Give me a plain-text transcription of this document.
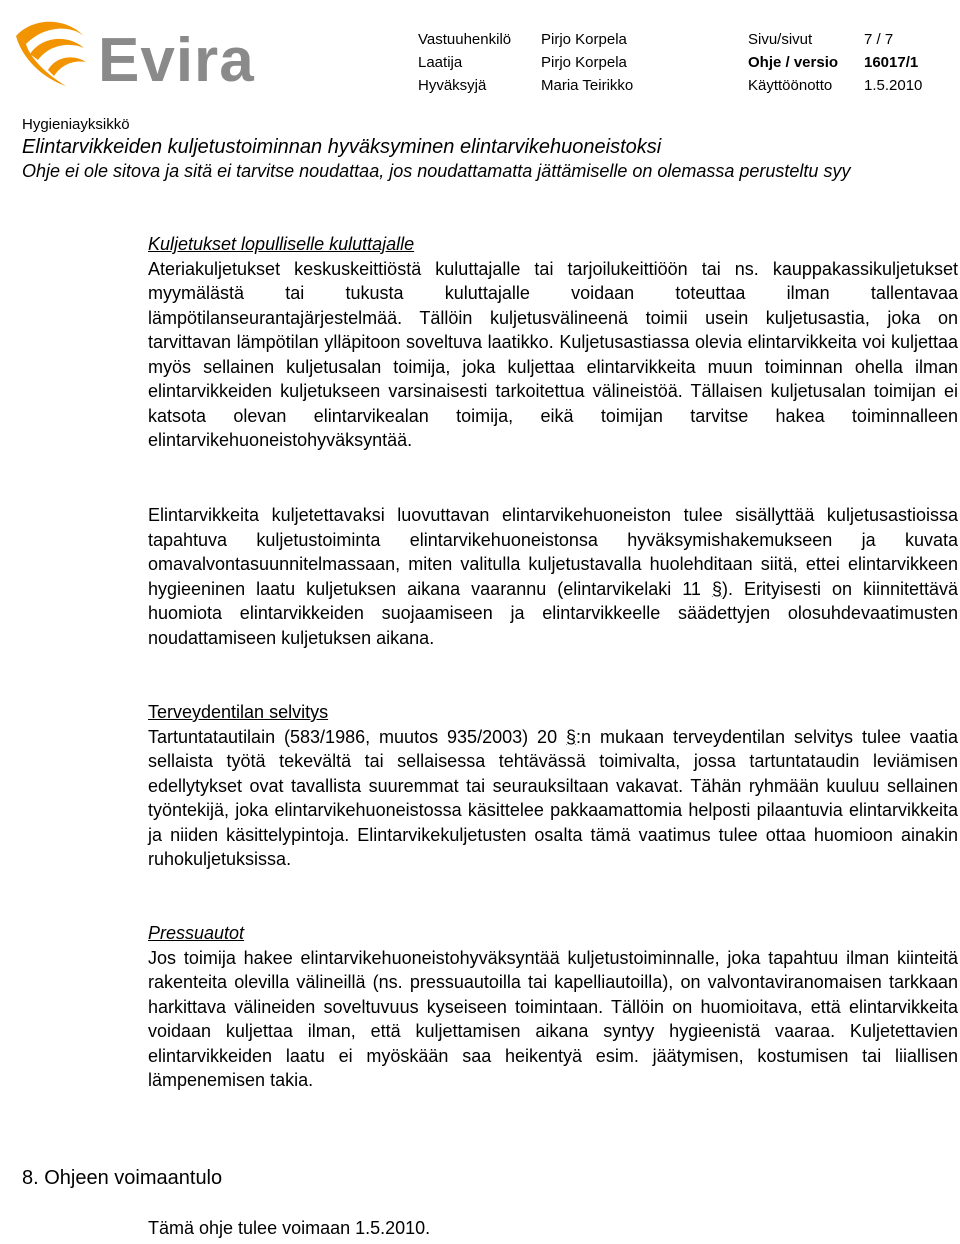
Evira	Vastuuhenkilö Pirjo Korpela	Sivu/sivut	7 / 7
Laatija	Pirjo Korpela	Ohje / versio 16017/1
Hyväksyjä	Maria Teirikko	Käyttöönotto 1.5.2010
Hygieniayksikkö
Elintarvikkeiden kuljetustoiminnan hyväksyminen elintarvikehuoneistoksi
Ohje ei ole sitova ja sitä ei tarvitse noudattaa, jos noudattamatta jättämiselle on olemassa perusteltu syy
Kuljetukset lopulliselle kuluttajalle

Ateriakuljetukset keskuskeittiöstä kuluttajalle tai tarjoilukeittiöön tai ns. kauppakassikuljetukset myymälästä tai tukusta kuluttajalle voidaan toteuttaa ilman tallentavaa lämpötilanseurantajärjestelmää. Tällöin kuljetusvälineenä toimii usein kuljetusastia, joka on tarvittavan lämpötilan ylläpitoon soveltuva laatikko. Kuljetusastiassa olevia elintarvikkeita voi kuljettaa myös sellainen kuljetusalan toimija, joka kuljettaa elintarvikkeita muun toiminnan ohella ilman elintarvikkeiden kuljetukseen varsinaisesti tarkoitettua välineistöä. Tällaisen kuljetusalan toimijan ei katsota olevan elintarvikealan toimija, eikä toimijan tarvitse hakea toiminnalleen elintarvikehuoneistohyväksyntää.

Elintarvikkeita kuljetettavaksi luovuttavan elintarvikehuoneiston tulee sisällyttää kuljetusastioissa tapahtuva kuljetustoiminta elintarvikehuoneistonsa hyväksymishakemukseen ja kuvata omavalvontasuunnitelmassaan, miten valitulla kuljetustavalla huolehditaan siitä, ettei elintarvikkeen hygieeninen laatu kuljetuksen aikana vaarannu (elintarvikelaki 11 §). Erityisesti on kiinnitettävä huomiota elintarvikkeiden suojaamiseen ja elintarvikkeelle säädettyjen olosuhdevaatimusten noudattamiseen kuljetuksen aikana.

Terveydentilan selvitys

Tartuntatautilain (583/1986, muutos 935/2003) 20 §:n mukaan terveydentilan selvitys tulee vaatia sellaista työtä tekevältä tai sellaisessa tehtävässä toimivalta, jossa tartuntataudin leviämisen edellytykset ovat tavallista suuremmat tai seurauksiltaan vakavat. Tähän ryhmään kuuluu sellainen työntekijä, joka elintarvikehuoneistossa käsittelee pakkaamattomia helposti pilaantuvia elintarvikkeita ja niiden käsittelypintoja. Elintarvikekuljetusten osalta tämä vaatimus tulee ottaa huomioon ainakin ruhokuljetuksissa.

Pressuautot

Jos toimija hakee elintarvikehuoneistohyväksyntää kuljetustoiminnalle, joka tapahtuu ilman kiinteitä rakenteita olevilla välineillä (ns. pressuautoilla tai kapelliautoilla), on valvontaviranomaisen tarkkaan harkittava välineiden soveltuvuus kyseiseen toimintaan. Tällöin on huomioitava, että elintarvikkeita voidaan kuljettaa ilman, että kuljettamisen aikana syntyy hygieenistä vaaraa. Kuljetettavien elintarvikkeiden laatu ei myöskään saa heikentyä esim. jäätymisen, kostumisen tai liiallisen lämpenemisen takia.

8. Ohjeen voimaantulo
Tämä ohje tulee voimaan 1.5.2010.
